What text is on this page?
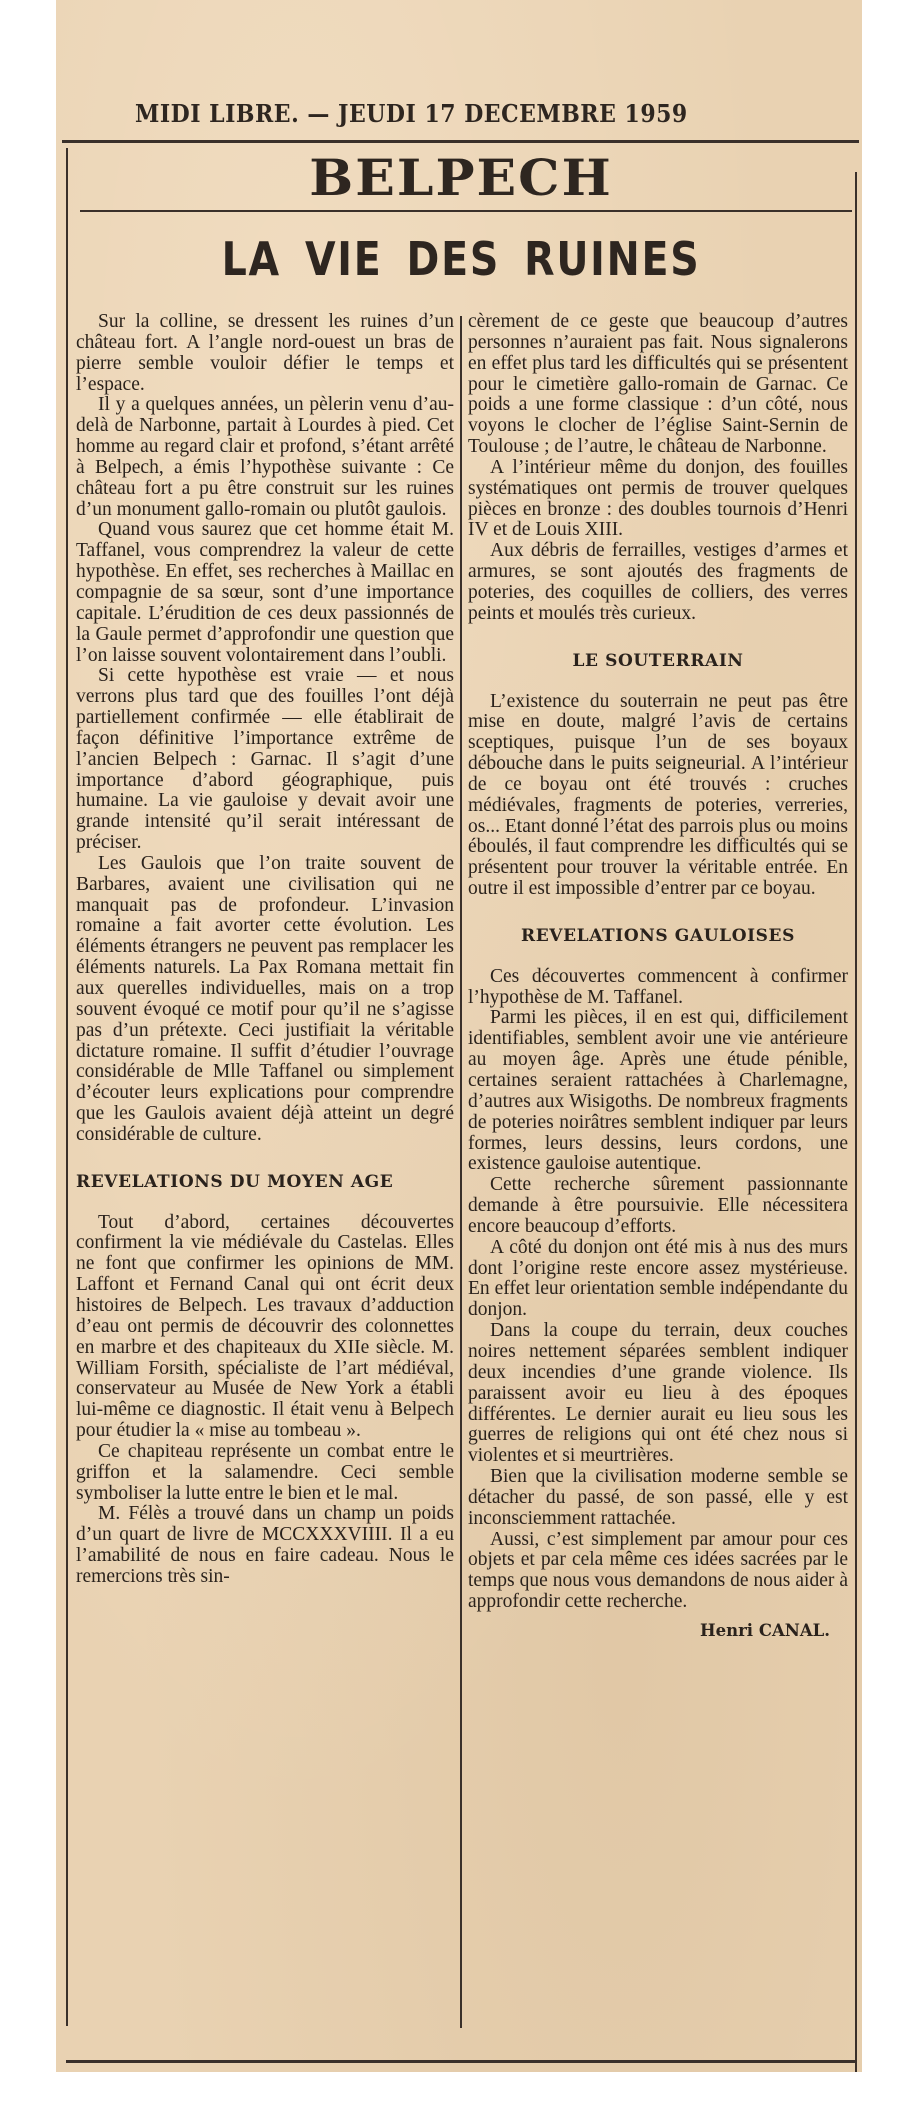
MIDI LIBRE. — JEUDI 17 DECEMBRE 1959
BELPECH
LA VIE DES RUINES

Sur la colline, se dressent les ruines d’un château fort. A l’angle nord-ouest un bras de pierre semble vouloir défier le temps et l’espace.

Il y a quelques années, un pèlerin venu d’au-delà de Narbonne, partait à Lourdes à pied. Cet homme au regard clair et profond, s’étant arrêté à Belpech, a émis l’hypothèse suivante : Ce château fort a pu être construit sur les ruines d’un monument gallo-romain ou plutôt gaulois.

Quand vous saurez que cet homme était M. Taffanel, vous comprendrez la valeur de cette hypothèse. En effet, ses recherches à Maillac en compagnie de sa sœur, sont d’une importance capitale. L’érudition de ces deux passionnés de la Gaule permet d’approfondir une question que l’on laisse souvent volontairement dans l’oubli.

Si cette hypothèse est vraie — et nous verrons plus tard que des fouilles l’ont déjà partiellement confirmée — elle établirait de façon définitive l’importance extrême de l’ancien Belpech : Garnac. Il s’agit d’une importance d’abord géographique, puis humaine. La vie gauloise y devait avoir une grande intensité qu’il serait intéressant de préciser.

Les Gaulois que l’on traite souvent de Barbares, avaient une civilisation qui ne manquait pas de profondeur. L’invasion romaine a fait avorter cette évolution. Les éléments étrangers ne peuvent pas remplacer les éléments naturels. La Pax Romana mettait fin aux querelles individuelles, mais on a trop souvent évoqué ce motif pour qu’il ne s’agisse pas d’un prétexte. Ceci justifiait la véritable dictature romaine. Il suffit d’étudier l’ouvrage considérable de Mlle Taffanel ou simplement d’écouter leurs explications pour comprendre que les Gaulois avaient déjà atteint un degré considérable de culture.

REVELATIONS DU MOYEN AGE

Tout d’abord, certaines découvertes confirment la vie médiévale du Castelas. Elles ne font que confirmer les opinions de MM. Laffont et Fernand Canal qui ont écrit deux histoires de Belpech. Les travaux d’adduction d’eau ont permis de découvrir des colonnettes en marbre et des chapiteaux du XIIe siècle. M. William Forsith, spécialiste de l’art médiéval, conservateur au Musée de New York a établi lui-même ce diagnostic. Il était venu à Belpech pour étudier la « mise au tombeau ».

Ce chapiteau représente un combat entre le griffon et la salamendre. Ceci semble symboliser la lutte entre le bien et le mal.

M. Félès a trouvé dans un champ un poids d’un quart de livre de MCCXXXVIIII. Il a eu l’amabilité de nous en faire cadeau. Nous le remercions très sin-

cèrement de ce geste que beaucoup d’autres personnes n’auraient pas fait. Nous signalerons en effet plus tard les difficultés qui se présentent pour le cimetière gallo-romain de Garnac. Ce poids a une forme classique : d’un côté, nous voyons le clocher de l’église Saint-Sernin de Toulouse ; de l’autre, le château de Narbonne.

A l’intérieur même du donjon, des fouilles systématiques ont permis de trouver quelques pièces en bronze : des doubles tournois d’Henri IV et de Louis XIII.

Aux débris de ferrailles, vestiges d’armes et armures, se sont ajoutés des fragments de poteries, des coquilles de colliers, des verres peints et moulés très curieux.

LE SOUTERRAIN

L’existence du souterrain ne peut pas être mise en doute, malgré l’avis de certains sceptiques, puisque l’un de ses boyaux débouche dans le puits seigneurial. A l’intérieur de ce boyau ont été trouvés : cruches médiévales, fragments de poteries, verreries, os... Etant donné l’état des parrois plus ou moins éboulés, il faut comprendre les difficultés qui se présentent pour trouver la véritable entrée. En outre il est impossible d’entrer par ce boyau.

REVELATIONS GAULOISES

Ces découvertes commencent à confirmer l’hypothèse de M. Taffanel.

Parmi les pièces, il en est qui, difficilement identifiables, semblent avoir une vie antérieure au moyen âge. Après une étude pénible, certaines seraient rattachées à Charlemagne, d’autres aux Wisigoths. De nombreux fragments de poteries noirâtres semblent indiquer par leurs formes, leurs dessins, leurs cordons, une existence gauloise autentique.

Cette recherche sûrement passionnante demande à être poursuivie. Elle nécessitera encore beaucoup d’efforts.

A côté du donjon ont été mis à nus des murs dont l’origine reste encore assez mystérieuse. En effet leur orientation semble indépendante du donjon.

Dans la coupe du terrain, deux couches noires nettement séparées semblent indiquer deux incendies d’une grande violence. Ils paraissent avoir eu lieu à des époques différentes. Le dernier aurait eu lieu sous les guerres de religions qui ont été chez nous si violentes et si meurtrières.

Bien que la civilisation moderne semble se détacher du passé, de son passé, elle y est inconsciemment rattachée.

Aussi, c’est simplement par amour pour ces objets et par cela même ces idées sacrées par le temps que nous vous demandons de nous aider à approfondir cette recherche.

Henri CANAL.
